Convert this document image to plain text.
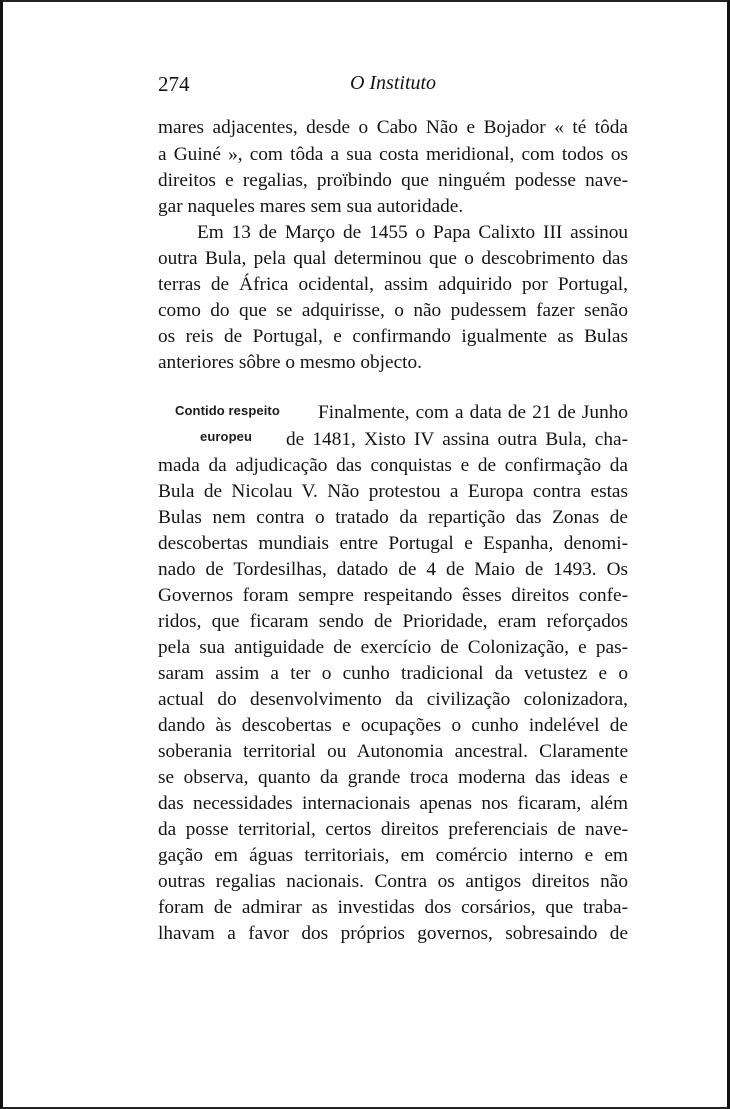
274	O Instituto
Contido respeito
europeu
mares adjacentes, desde o Cabo Não e Bojador « té tôda
a Guiné », com tôda a sua costa meridional, com todos os
direitos e regalias, proïbindo que ninguém podesse nave-
gar naqueles mares sem sua autoridade.
Em 13 de Março de 1455 o Papa Calixto III assinou
outra Bula, pela qual determinou que o descobrimento das
terras de África ocidental, assim adquirido por Portugal,
como do que se adquirisse, o não pudessem fazer senão
os reis de Portugal, e confirmando igualmente as Bulas
anteriores sôbre o mesmo objecto.
Finalmente, com a data de 21 de Junho
de 1481, Xisto IV assina outra Bula, cha-
mada da adjudicação das conquistas e de confirmação da
Bula de Nicolau V. Não protestou a Europa contra estas
Bulas nem contra o tratado da repartição das Zonas de
descobertas mundiais entre Portugal e Espanha, denomi-
nado de Tordesilhas, datado de 4 de Maio de 1493. Os
Governos foram sempre respeitando êsses direitos confe-
ridos, que ficaram sendo de Prioridade, eram reforçados
pela sua antiguidade de exercício de Colonização, e pas-
saram assim a ter o cunho tradicional da vetustez e o
actual do desenvolvimento da civilização colonizadora,
dando às descobertas e ocupações o cunho indelével de
soberania territorial ou Autonomia ancestral. Claramente
se observa, quanto da grande troca moderna das ideas e
das necessidades internacionais apenas nos ficaram, além
da posse territorial, certos direitos preferenciais de nave-
gação em águas territoriais, em comércio interno e em
outras regalias nacionais. Contra os antigos direitos não
foram de admirar as investidas dos corsários, que traba-
lhavam a favor dos próprios governos, sobresaindo de
